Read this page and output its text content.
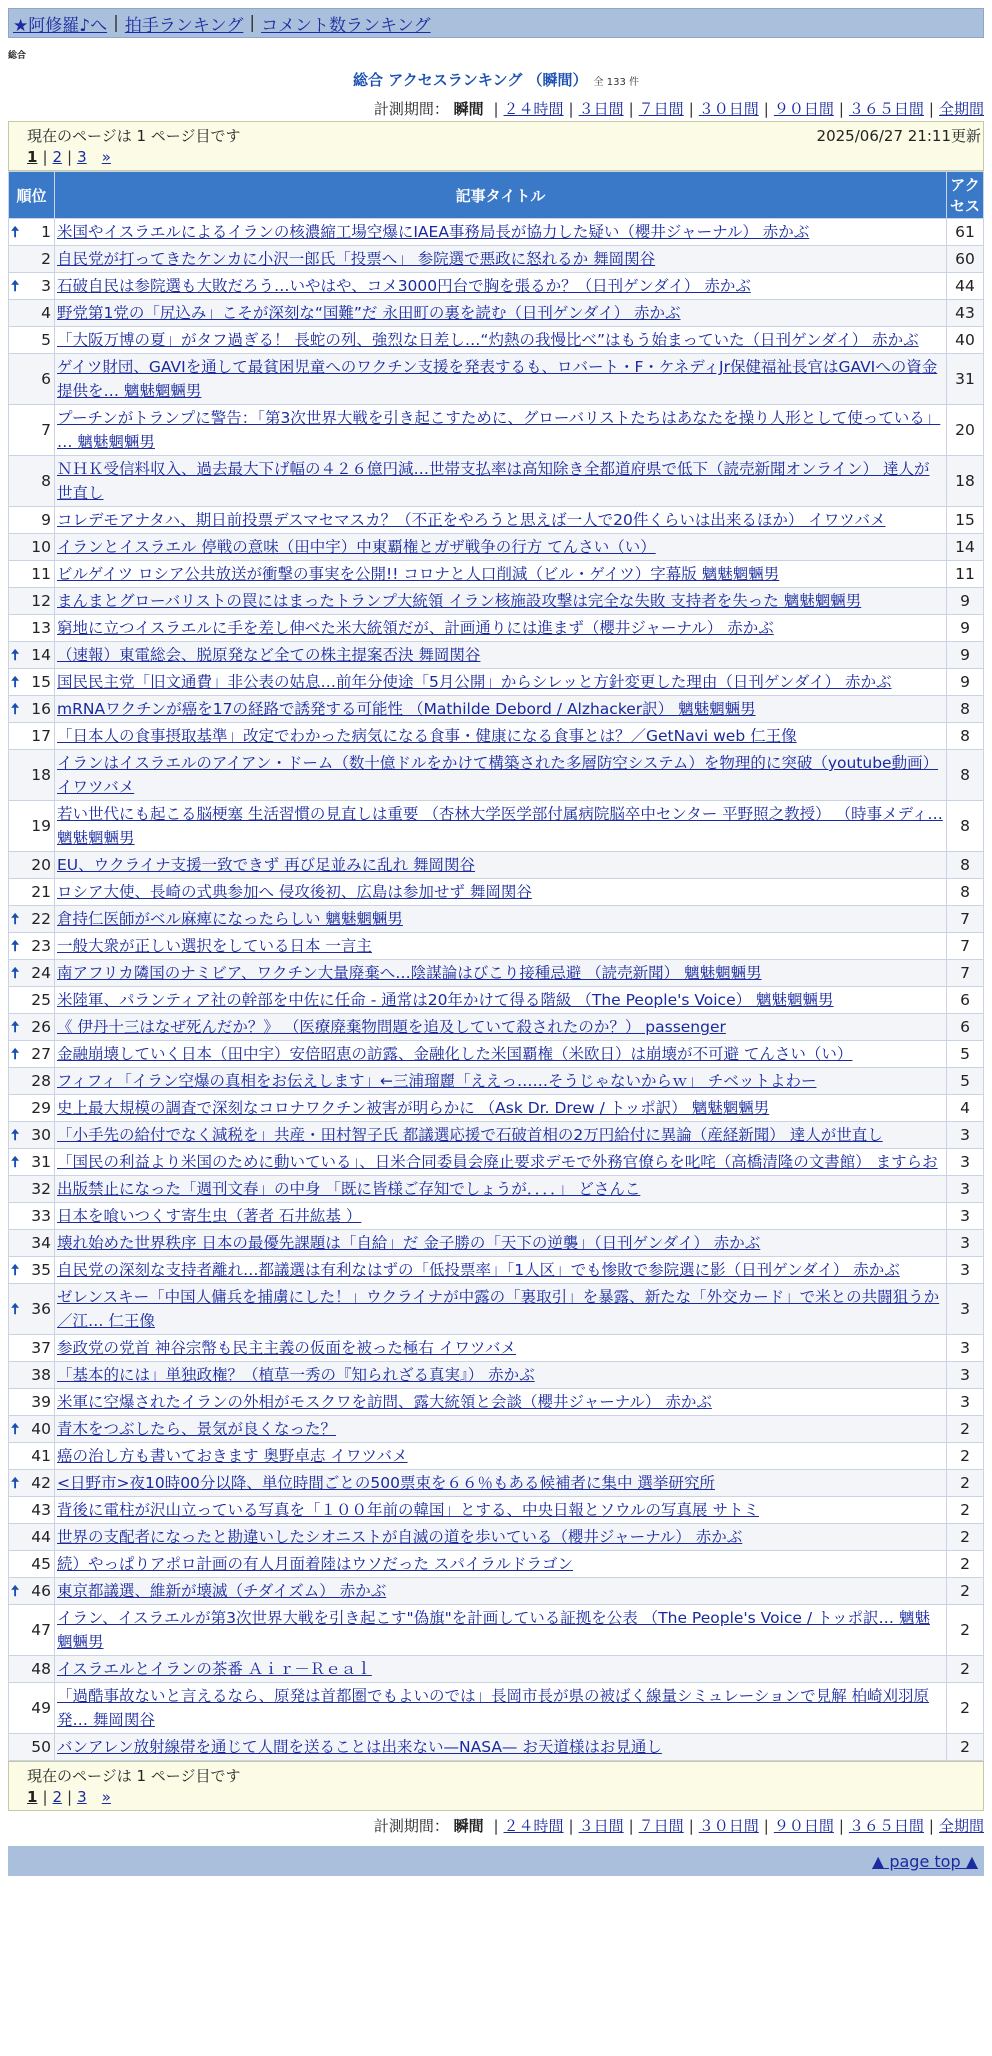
★阿修羅♪へ | 拍手ランキング | コメント数ランキング
総合
総合 アクセスランキング （瞬間） 全 133 件
計測期間： 瞬間 | ２４時間 | ３日間 | ７日間 | ３０日間 | ９０日間 | ３６５日間 | 全期間
現在のページは 1 ページ目です	2025/06/27 21:11更新
1 | 2 | 3 »
順位	記事タイトル	アクセス

🠅 1	米国やイスラエルによるイランの核濃縮工場空爆にIAEA事務局長が協力した疑い（櫻井ジャーナル） 赤かぶ	61
2	自民党が打ってきたケンカに小沢一郎氏「投票へ」 参院選で悪政に怒れるか 舞岡関谷	60

🠅 3	石破自民は参院選も大敗だろう…いやはや、コメ3000円台で胸を張るか？（日刊ゲンダイ） 赤かぶ	44
4	野党第1党の「尻込み」こそが深刻な“国難”だ 永田町の裏を読む（日刊ゲンダイ） 赤かぶ	43
5	「大阪万博の夏」がタフ過ぎる！ 長蛇の列、強烈な日差し…“灼熱の我慢比べ”はもう始まっていた（日刊ゲンダイ） 赤かぶ	40
6	ゲイツ財団、GAVIを通して最貧困児童へのワクチン支援を発表するも、ロバート・F・ケネディJr保健福祉長官はGAVIへの資金提供を… 魑魅魍魎男	31
7	プーチンがトランプに警告：「第3次世界大戦を引き起こすために、グローバリストたちはあなたを操り人形として使っている」 … 魑魅魍魎男	20
8	ＮＨＫ受信料収入、過去最大下げ幅の４２６億円減…世帯支払率は高知除き全都道府県で低下（読売新聞オンライン） 達人が世直し	18
9	コレデモアナタハ、期日前投票デスマセマスカ？（不正をやろうと思えば一人で20件くらいは出来るほか） イワツバメ	15
10	イランとイスラエル 停戦の意味（田中宇）中東覇権とガザ戦争の行方 てんさい（い）	14
11	ビルゲイツ ロシア公共放送が衝撃の事実を公開!! コロナと人口削減（ビル・ゲイツ）字幕版 魑魅魍魎男	11
12	まんまとグローバリストの罠にはまったトランプ大統領 イラン核施設攻撃は完全な失敗 支持者を失った 魑魅魍魎男	9
13	窮地に立つイスラエルに手を差し伸べた米大統領だが、計画通りには進まず（櫻井ジャーナル） 赤かぶ	9

🠅 14	（速報）東電総会、脱原発など全ての株主提案否決 舞岡関谷	9

🠅 15	国民民主党「旧文通費」非公表の姑息…前年分使途「5月公開」からシレッと方針変更した理由（日刊ゲンダイ） 赤かぶ	9

🠅 16	mRNAワクチンが癌を17の経路で誘発する可能性 （Mathilde Debord / Alzhacker訳） 魑魅魍魎男	8
17	「日本人の食事摂取基準」改定でわかった病気になる食事・健康になる食事とは？／GetNavi web 仁王像	8
18	イランはイスラエルのアイアン・ドーム（数十億ドルをかけて構築された多層防空システム）を物理的に突破（youtube動画） イワツバメ	8
19	若い世代にも起こる脳梗塞 生活習慣の見直しは重要 （杏林大学医学部付属病院脳卒中センター 平野照之教授） （時事メディ… 魑魅魍魎男	8
20	EU、ウクライナ支援一致できず 再び足並みに乱れ 舞岡関谷	8
21	ロシア大使、長崎の式典参加へ 侵攻後初、広島は参加せず 舞岡関谷	8

🠅 22	倉持仁医師がベル麻痺になったらしい 魑魅魍魎男	7

🠅 23	一般大衆が正しい選択をしている日本 一言主	7

🠅 24	南アフリカ隣国のナミビア、ワクチン大量廃棄へ…陰謀論はびこり接種忌避 （読売新聞） 魑魅魍魎男	7
25	米陸軍、パランティア社の幹部を中佐に任命 - 通常は20年かけて得る階級 （The People's Voice） 魑魅魍魎男	6

🠅 26	《 伊丹十三はなぜ死んだか？》 （医療廃棄物問題を追及していて殺されたのか？） passenger	6

🠅 27	金融崩壊していく日本（田中宇）安倍昭恵の訪露、金融化した米国覇権（米欧日）は崩壊が不可避 てんさい（い）	5
28	フィフィ「イラン空爆の真相をお伝えします」←三浦瑠麗「ええっ……そうじゃないからｗ」 チベットよわー	5
29	史上最大規模の調査で深刻なコロナワクチン被害が明らかに （Ask Dr. Drew / トッポ訳） 魑魅魍魎男	4

🠅 30	「小手先の給付でなく減税を」共産・田村智子氏 都議選応援で石破首相の2万円給付に異論（産経新聞） 達人が世直し	3

🠅 31	「国民の利益より米国のために動いている」、日米合同委員会廃止要求デモで外務官僚らを叱咤（高橋清隆の文書館） ますらお	3
32	出版禁止になった「週刊文春」の中身 「既に皆様ご存知でしょうが．．．．」 どさんこ	3
33	日本を喰いつくす寄生虫（著者 石井紘基 ）	3
34	壊れ始めた世界秩序 日本の最優先課題は「自給」だ 金子勝の「天下の逆襲」（日刊ゲンダイ） 赤かぶ	3

🠅 35	自民党の深刻な支持者離れ…都議選は有利なはずの「低投票率」「1人区」でも惨敗で参院選に影（日刊ゲンダイ） 赤かぶ	3

🠅 36	ゼレンスキー「中国人傭兵を捕虜にした！」ウクライナが中露の「裏取引」を暴露、新たな「外交カード」で米との共闘狙うか／江… 仁王像	3
37	参政党の党首 神谷宗幣も民主主義の仮面を被った極右 イワツバメ	3
38	「基本的には」単独政権？（植草一秀の『知られざる真実』） 赤かぶ	3
39	米軍に空爆されたイランの外相がモスクワを訪問、露大統領と会談（櫻井ジャーナル） 赤かぶ	3

🠅 40	青木をつぶしたら、景気が良くなった？	2
41	癌の治し方も書いておきます 奥野卓志 イワツバメ	2

🠅 42	<日野市>夜10時00分以降、単位時間ごとの500票束を６６％もある候補者に集中 選挙研究所	2
43	背後に電柱が沢山立っている写真を「１００年前の韓国」とする、中央日報とソウルの写真展 サトミ	2
44	世界の支配者になったと勘違いしたシオニストが自滅の道を歩いている（櫻井ジャーナル） 赤かぶ	2
45	続）やっぱりアポロ計画の有人月面着陸はウソだった スパイラルドラゴン	2

🠅 46	東京都議選、維新が壊滅（チダイズム） 赤かぶ	2
47	イラン、イスラエルが第3次世界大戦を引き起こす"偽旗"を計画している証拠を公表 （The People's Voice / トッポ訳… 魑魅魍魎男	2
48	イスラエルとイランの茶番 Ａｉｒ－Ｒｅａｌ	2
49	「過酷事故ないと言えるなら、原発は首都圏でもよいのでは」長岡市長が県の被ばく線量シミュレーションで見解 柏崎刈羽原発… 舞岡関谷	2
50	バンアレン放射線帯を通じて人間を送ることは出来ない—NASA— お天道様はお見通し	2
現在のページは 1 ページ目です
1 | 2 | 3 »
計測期間： 瞬間 | ２４時間 | ３日間 | ７日間 | ３０日間 | ９０日間 | ３６５日間 | 全期間
▲ page top ▲
